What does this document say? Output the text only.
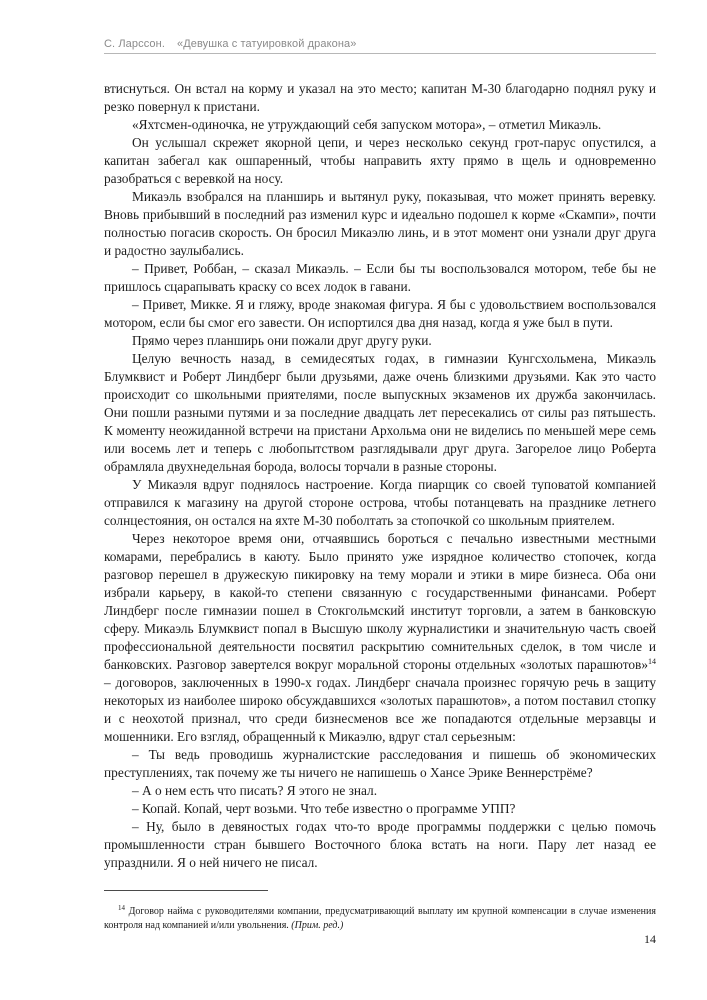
С. Ларссон. «Девушка с татуировкой дракона»

втиснуться. Он встал на корму и указал на это место; капитан М-30 благодарно поднял руку и резко повернул к пристани.

«Яхтсмен-одиночка, не утруждающий себя запуском мотора», – отметил Микаэль.

Он услышал скрежет якорной цепи, и через несколько секунд грот-парус опустился, а капитан забегал как ошпаренный, чтобы направить яхту прямо в щель и одновременно разобраться с веревкой на носу.

Микаэль взобрался на планширь и вытянул руку, показывая, что может принять веревку. Вновь прибывший в последний раз изменил курс и идеально подошел к корме «Скампи», почти полностью погасив скорость. Он бросил Микаэлю линь, и в этот момент они узнали друг друга и радостно заулыбались.

– Привет, Роббан, – сказал Микаэль. – Если бы ты воспользовался мотором, тебе бы не пришлось сцарапывать краску со всех лодок в гавани.

– Привет, Микке. Я и гляжу, вроде знакомая фигура. Я бы с удовольствием воспользовался мотором, если бы смог его завести. Он испортился два дня назад, когда я уже был в пути.

Прямо через планширь они пожали друг другу руки.

Целую вечность назад, в семидесятых годах, в гимназии Кунгсхольмена, Микаэль Блумквист и Роберт Линдберг были друзьями, даже очень близкими друзьями. Как это часто происходит со школьными приятелями, после выпускных экзаменов их дружба закончилась. Они пошли разными путями и за последние двадцать лет пересекались от силы раз пятьшесть. К моменту неожиданной встречи на пристани Архольма они не виделись по меньшей мере семь или восемь лет и теперь с любопытством разглядывали друг друга. Загорелое лицо Роберта обрамляла двухнедельная борода, волосы торчали в разные стороны.

У Микаэля вдруг поднялось настроение. Когда пиарщик со своей туповатой компанией отправился к магазину на другой стороне острова, чтобы потанцевать на празднике летнего солнцестояния, он остался на яхте М-30 поболтать за стопочкой со школьным приятелем.

Через некоторое время они, отчаявшись бороться с печально известными местными комарами, перебрались в каюту. Было принято уже изрядное количество стопочек, когда разговор перешел в дружескую пикировку на тему морали и этики в мире бизнеса. Оба они избрали карьеру, в какой-то степени связанную с государственными финансами. Роберт Линдберг после гимназии пошел в Стокгольмский институт торговли, а затем в банковскую сферу. Микаэль Блумквист попал в Высшую школу журналистики и значительную часть своей профессиональной деятельности посвятил раскрытию сомнительных сделок, в том числе и банковских. Разговор завертелся вокруг моральной стороны отдельных «золотых парашютов»$^{14}$ – договоров, заключенных в 1990-х годах. Линдберг сначала произнес горячую речь в защиту некоторых из наиболее широко обсуждавшихся «золотых парашютов», а потом поставил стопку и с неохотой признал, что среди бизнесменов все же попадаются отдельные мерзавцы и мошенники. Его взгляд, обращенный к Микаэлю, вдруг стал серьезным:

– Ты ведь проводишь журналистские расследования и пишешь об экономических преступлениях, так почему же ты ничего не напишешь о Хансе Эрике Веннерстрёме?

– А о нем есть что писать? Я этого не знал.

– Копай. Копай, черт возьми. Что тебе известно о программе УПП?

– Ну, было в девяностых годах что-то вроде программы поддержки с целью помочь промышленности стран бывшего Восточного блока встать на ноги. Пару лет назад ее упразднили. Я о ней ничего не писал.

$^{14}$ Договор найма с руководителями компании, предусматривающий выплату им крупной компенсации в случае изменения контроля над компанией и/или увольнения. (Прим. ред.)

14
